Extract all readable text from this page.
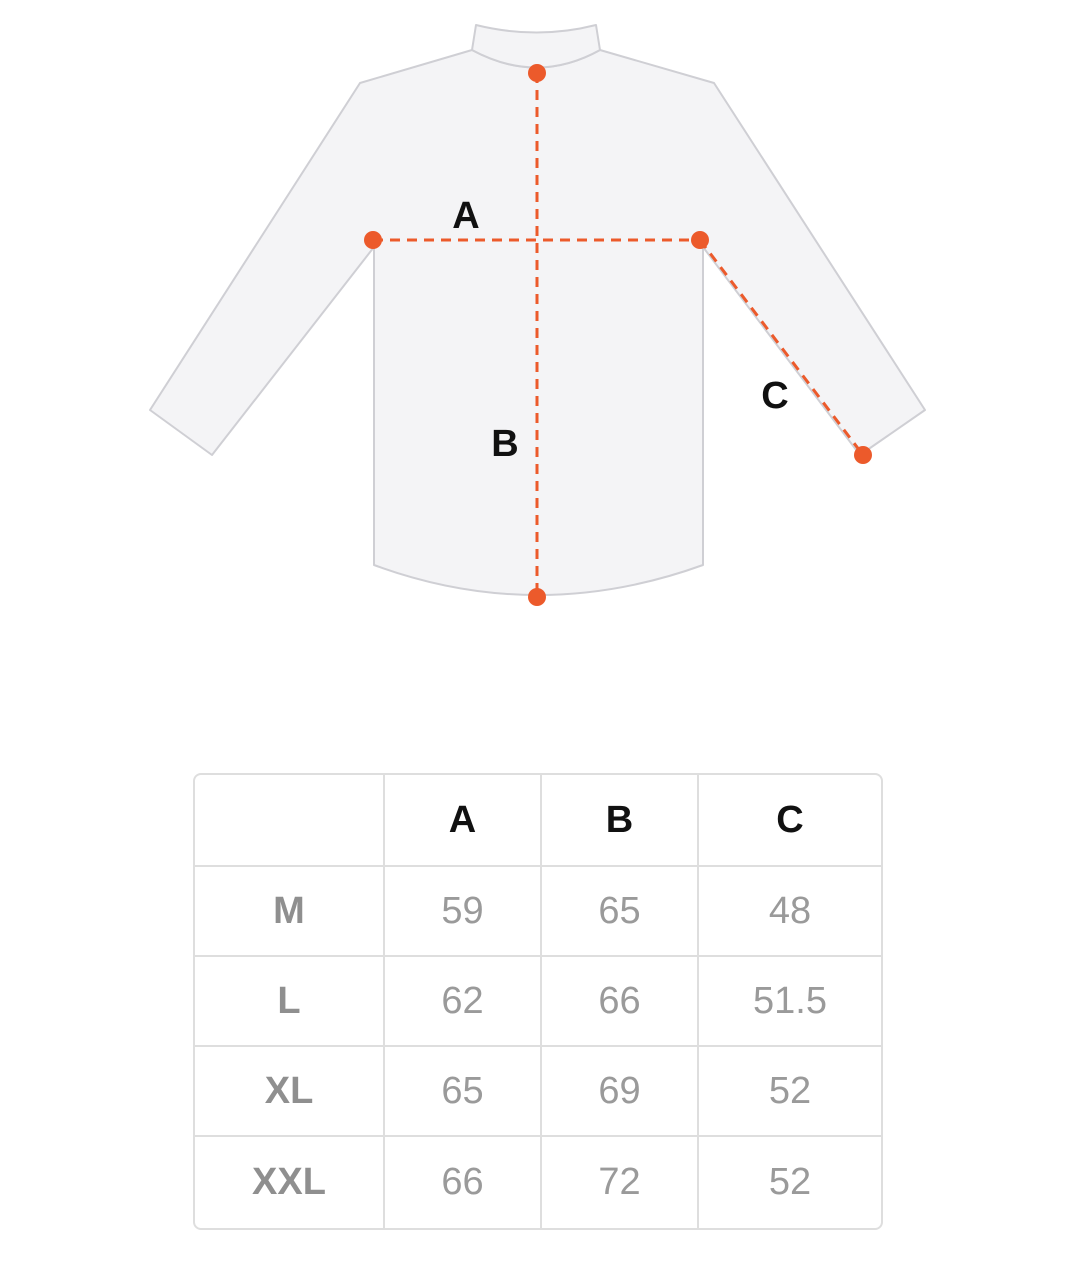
A
B
C
A	B	C
M	59	65	48
L	62	66	51.5
XL	65	69	52
XXL	66	72	52
